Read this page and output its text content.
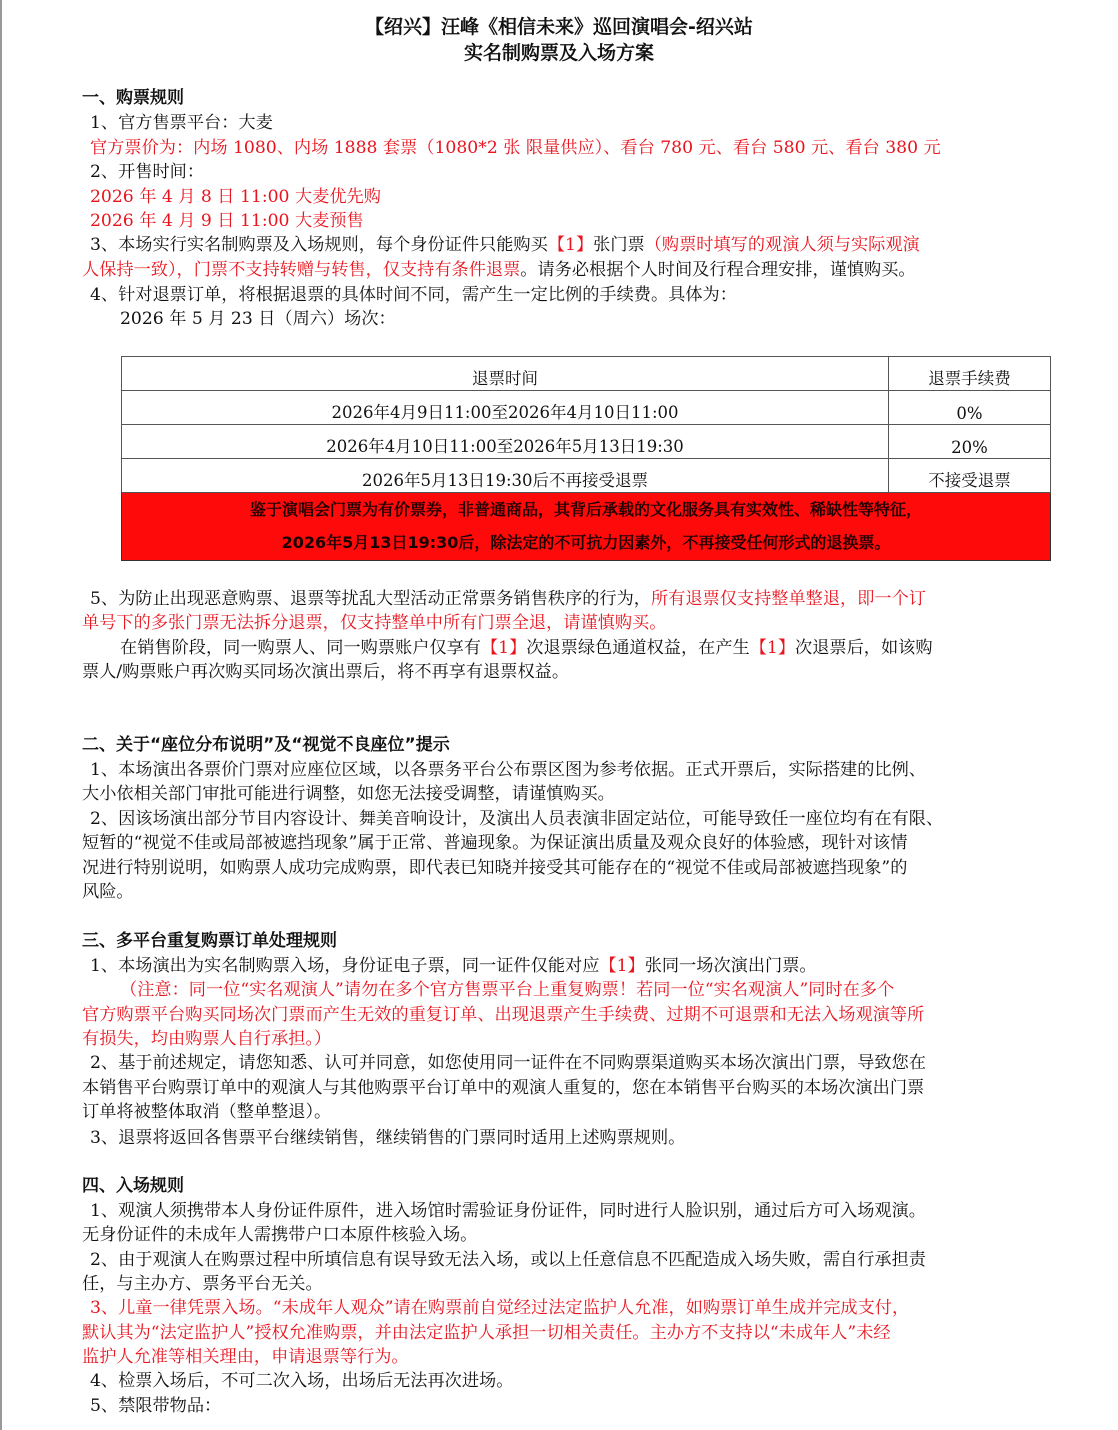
【绍兴】汪峰《相信未来》巡回演唱会-绍兴站
实名制购票及入场方案
一、购票规则
1、官方售票平台：大麦
官方票价为：内场 1080、内场 1888 套票（1080*2 张 限量供应）、看台 780 元、看台 580 元、看台 380 元
2、开售时间：
2026 年 4 月 8 日 11:00 大麦优先购
2026 年 4 月 9 日 11:00 大麦预售
3、本场实行实名制购票及入场规则，每个身份证件只能购买【1】张门票（购票时填写的观演人须与实际观演
人保持一致），门票不支持转赠与转售，仅支持有条件退票。请务必根据个人时间及行程合理安排，谨慎购买。
4、针对退票订单，将根据退票的具体时间不同，需产生一定比例的手续费。具体为：
2026 年 5 月 23 日（周六）场次：
退票时间	退票手续费
2026年4月9日11:00至2026年4月10日11:00	0%
2026年4月10日11:00至2026年5月13日19:30	20%
2026年5月13日19:30后不再接受退票	不接受退票

鉴于演唱会门票为有价票券，非普通商品，其背后承载的文化服务具有实效性、稀缺性等特征，
2026年5月13日19:30后，除法定的不可抗力因素外，不再接受任何形式的退换票。	
5、为防止出现恶意购票、退票等扰乱大型活动正常票务销售秩序的行为，所有退票仅支持整单整退，即一个订
单号下的多张门票无法拆分退票，仅支持整单中所有门票全退，请谨慎购买。
在销售阶段，同一购票人、同一购票账户仅享有【1】次退票绿色通道权益，在产生【1】次退票后，如该购
票人/购票账户再次购买同场次演出票后，将不再享有退票权益。
二、关于“座位分布说明”及“视觉不良座位”提示
1、本场演出各票价门票对应座位区域，以各票务平台公布票区图为参考依据。正式开票后，实际搭建的比例、
大小依相关部门审批可能进行调整，如您无法接受调整，请谨慎购买。
2、因该场演出部分节目内容设计、舞美音响设计，及演出人员表演非固定站位，可能导致任一座位均有在有限、
短暂的“视觉不佳或局部被遮挡现象”属于正常、普遍现象。为保证演出质量及观众良好的体验感，现针对该情
况进行特别说明，如购票人成功完成购票，即代表已知晓并接受其可能存在的“视觉不佳或局部被遮挡现象”的
风险。
三、多平台重复购票订单处理规则
1、本场演出为实名制购票入场，身份证电子票，同一证件仅能对应【1】张同一场次演出门票。
（注意：同一位“实名观演人”请勿在多个官方售票平台上重复购票！若同一位“实名观演人”同时在多个
官方购票平台购买同场次门票而产生无效的重复订单、出现退票产生手续费、过期不可退票和无法入场观演等所
有损失，均由购票人自行承担。）
2、基于前述规定，请您知悉、认可并同意，如您使用同一证件在不同购票渠道购买本场次演出门票，导致您在
本销售平台购票订单中的观演人与其他购票平台订单中的观演人重复的，您在本销售平台购买的本场次演出门票
订单将被整体取消（整单整退）。
3、退票将返回各售票平台继续销售，继续销售的门票同时适用上述购票规则。
四、入场规则
1、观演人须携带本人身份证件原件，进入场馆时需验证身份证件，同时进行人脸识别，通过后方可入场观演。
无身份证件的未成年人需携带户口本原件核验入场。
2、由于观演人在购票过程中所填信息有误导致无法入场，或以上任意信息不匹配造成入场失败，需自行承担责
任，与主办方、票务平台无关。
3、儿童一律凭票入场。“未成年人观众”请在购票前自觉经过法定监护人允准，如购票订单生成并完成支付，
默认其为“法定监护人”授权允准购票，并由法定监护人承担一切相关责任。主办方不支持以“未成年人”未经
监护人允准等相关理由，申请退票等行为。
4、检票入场后，不可二次入场，出场后无法再次进场。
5、禁限带物品：
